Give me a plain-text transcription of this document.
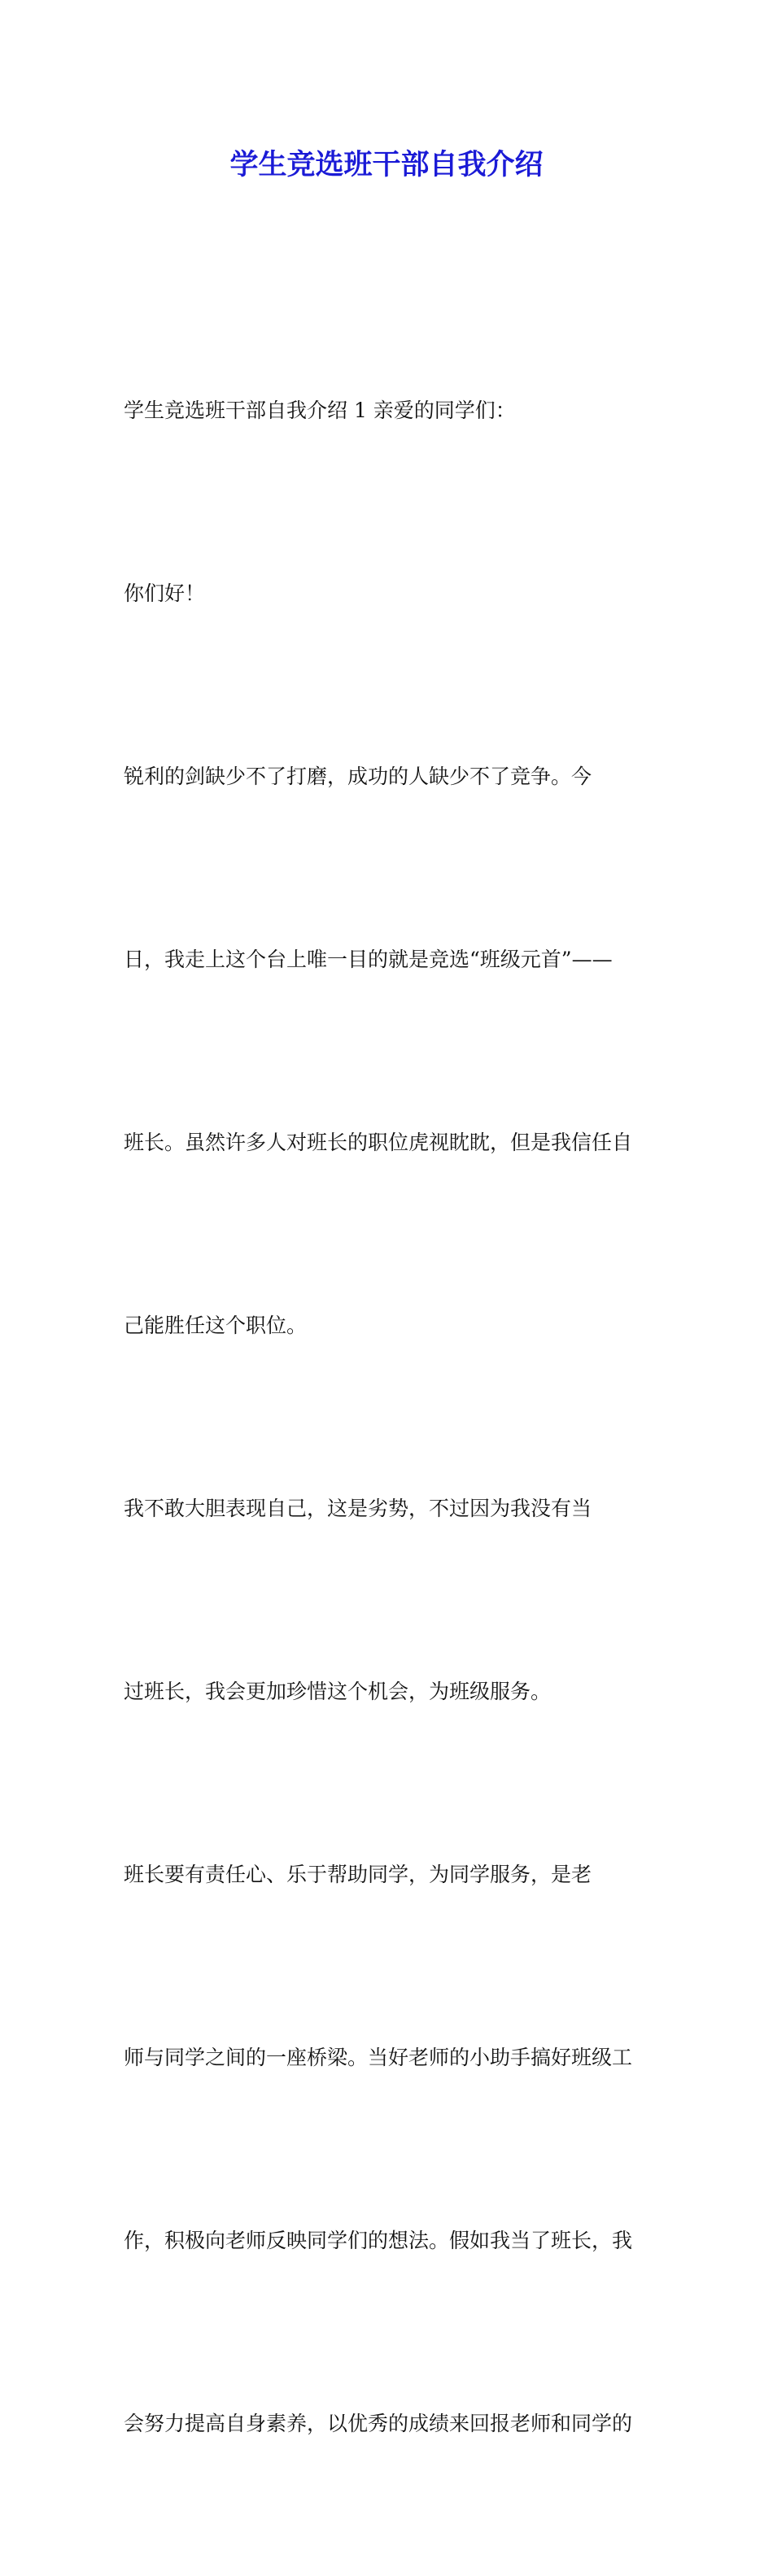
学生竞选班干部自我介绍

学生竞选班干部自我介绍 1 亲爱的同学们：

你们好！

锐利的剑缺少不了打磨，成功的人缺少不了竞争。今

日，我走上这个台上唯一目的就是竞选“班级元首”——

班长。虽然许多人对班长的职位虎视眈眈，但是我信任自

己能胜任这个职位。

我不敢大胆表现自己，这是劣势，不过因为我没有当

过班长，我会更加珍惜这个机会，为班级服务。

班长要有责任心、乐于帮助同学，为同学服务，是老

师与同学之间的一座桥梁。当好老师的小助手搞好班级工

作，积极向老师反映同学们的想法。假如我当了班长，我

会努力提高自身素养，以优秀的成绩来回报老师和同学的
